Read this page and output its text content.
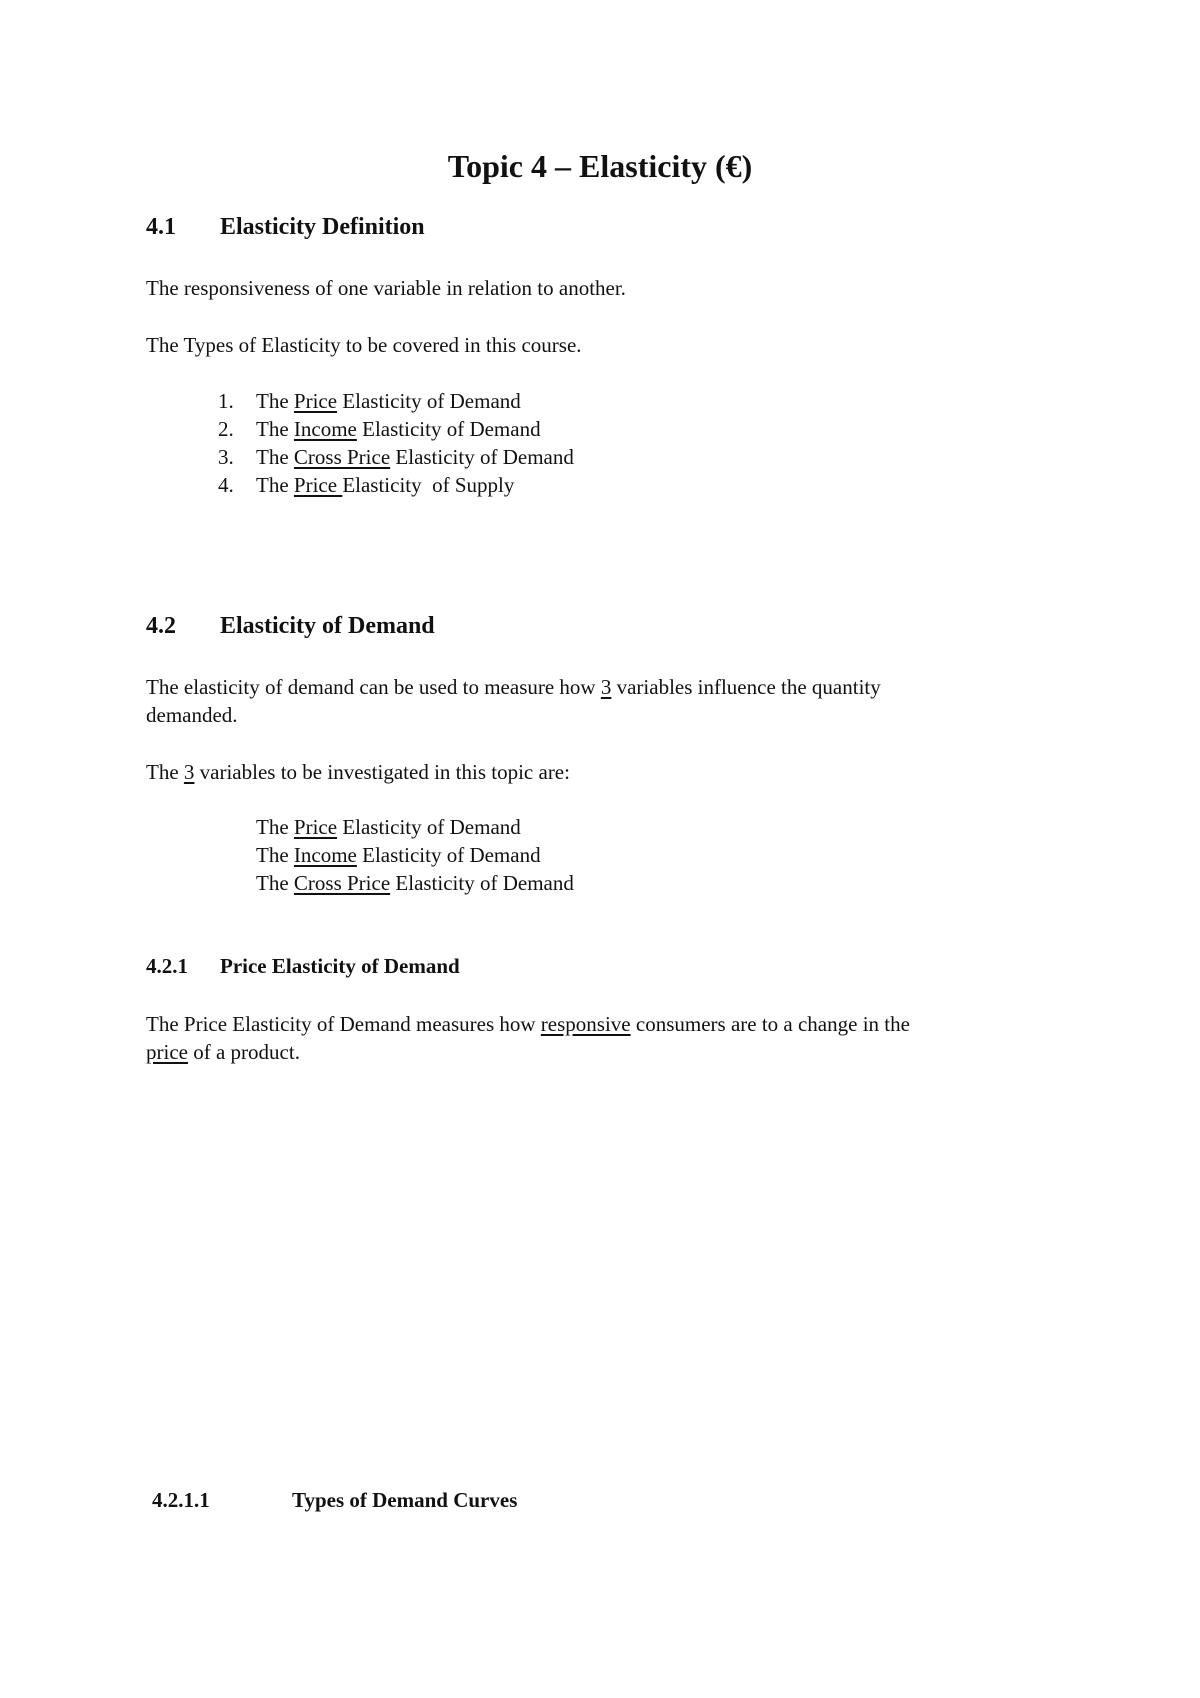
Topic 4 – Elasticity (€)
4.1 Elasticity Definition
The responsiveness of one variable in relation to another.
The Types of Elasticity to be covered in this course.
1. The Price Elasticity of Demand
2. The Income Elasticity of Demand
3. The Cross Price Elasticity of Demand
4. The Price Elasticity  of Supply
4.2 Elasticity of Demand
The elasticity of demand can be used to measure how 3 variables influence the quantity
demanded.
The 3 variables to be investigated in this topic are:
The Price Elasticity of Demand
The Income Elasticity of Demand
The Cross Price Elasticity of Demand
4.2.1 Price Elasticity of Demand
The Price Elasticity of Demand measures how responsive consumers are to a change in the
price of a product.
4.2.1.1	Types of Demand Curves
